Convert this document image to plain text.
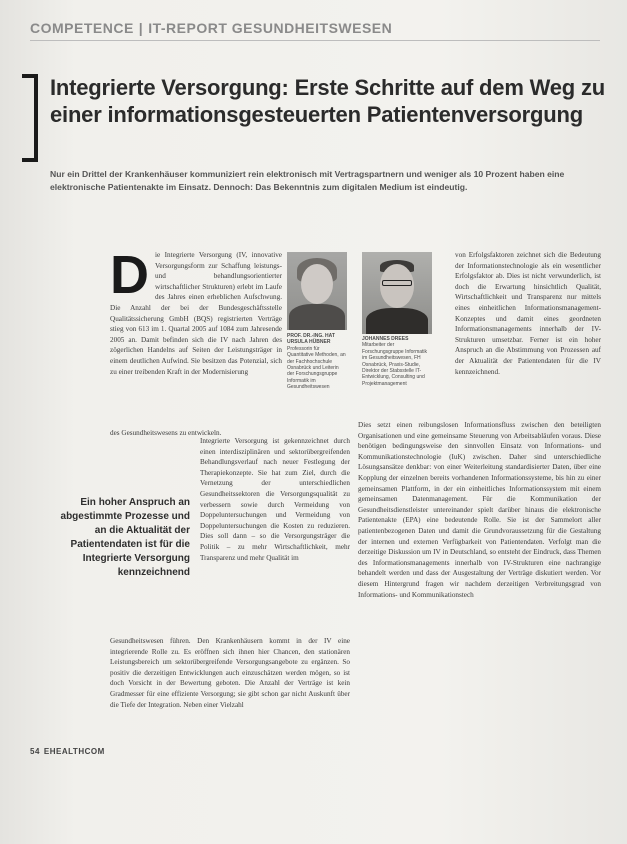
COMPETENCE | IT-REPORT GESUNDHEITSWESEN
Integrierte Versorgung: Erste Schritte auf dem Weg zu einer informationsgesteuerten Patientenversorgung

Nur ein Drittel der Krankenhäuser kommuniziert rein elektronisch mit Vertragspartnern und weniger als 10 Prozent haben eine elektronische Patientenakte im Einsatz. Dennoch: Das Bekenntnis zum digitalen Medium ist eindeutig.

D ie Integrierte Versorgung (IV, innovative Versorgungsform zur Schaffung leistungs- und behandlungsorientierter wirtschaftlicher Strukturen) erlebt im Laufe des Jahres einen erheblichen Aufschwung. Die Anzahl der bei der Bundesgeschäftsstelle Qualitätssicherung GmbH (BQS) registrierten Verträge stieg von 613 im 1. Quartal 2005 auf 1084 zum Jahresende 2005 an. Damit befinden sich die IV nach Jahren des zögerlichen Handelns auf Seiten der Leistungsträger in einem deutlichen Aufwind. Sie besitzen das Potenzial, sich zu einer treibenden Kraft in der Modernisierung
des Gesundheitswesens zu entwickeln.
PROF. DR.-ING. HAT URSULA HÜBNER
Professorin für Quantitative Methoden, an der Fachhochschule Osnabrück und Leiterin der Forschungsgruppe Informatik im Gesundheitswesen
JOHANNES DREES
Mitarbeiter der Forschungsgruppe Informatik im Gesundheitswesen, FH Osnabrück, Praxis-Studie, Direktor der Stabsstelle IT-Entwicklung, Consulting und Projektmanagement
von Erfolgsfaktoren zeichnet sich die Bedeutung der Informationstechnologie als ein wesentlicher Erfolgsfaktor ab. Dies ist nicht verwunderlich, ist doch die Erwartung hinsichtlich Qualität, Wirtschaftlichkeit und Transparenz nur mittels eines einheitlichen Informationsmanagement-Konzeptes und damit eines geordneten Informationsmanagements innerhalb der IV-Strukturen umsetzbar. Ferner ist ein hoher Anspruch an die Abstimmung von Prozessen auf der Aktualität der Patientendaten für die IV kennzeichnend.
Dies setzt einen reibungslosen Informationsfluss zwischen den beteiligten Organisationen und eine gemeinsame Steuerung von Arbeitsabläufen voraus. Diese benötigen bedingungsweise den sinnvollen Einsatz von Informations- und Kommunikationstechnologie (IuK) zwischen. Daher sind unterschiedliche Lösungsansätze denkbar: von einer Weiterleitung standardisierter Daten, über eine Kopplung der einzelnen bereits vorhandenen Informationssysteme, bis hin zu einer gemeinsamen Plattform, in der ein einheitliches Informationssystem mit einem gemeinsamen Datenmanagement. Für die Kommunikation der Gesundheitsdienstleister untereinander spielt darüber hinaus die elektronische Patientenakte (EPA) eine bedeutende Rolle. Sie ist der Sammelort aller patientenbezogenen Daten und damit die Grundvoraussetzung für die Gestaltung der internen und externen Verfügbarkeit von Patientendaten. Verfolgt man die derzeitige Diskussion um IV in Deutschland, so entsteht der Eindruck, dass Themen des Informationsmanagements innerhalb von IV-Strukturen eine nachrangige behandelt werden und dass der Ausgestaltung der Verträge diskutiert werden. Vor diesem Hintergrund fragen wir nachdem derzeitigen Verbreitungsgrad von Informations- und Kommunikationstech
Ein hoher Anspruch an abgestimmte Prozesse und an die Aktualität der Patientendaten ist für die Integrierte Versorgung kennzeichnend
Integrierte Versorgung ist gekennzeichnet durch einen interdisziplinären und sektorübergreifenden Behandlungsverlauf nach neuer Festlegung der Therapiekonzepte. Sie hat zum Ziel, durch die Vernetzung der unterschiedlichen Gesundheitssektoren die Versorgungsqualität zu verbessern sowie durch Vermeidung von Doppeluntersuchungen und Vermeidung von Doppeluntersuchungen die Kosten zu reduzieren. Dies soll dann – so die Versorgungsträger die Politik – zu mehr Wirtschaftlichkeit, mehr Transparenz und mehr Qualität im
Gesundheitswesen führen. Den Krankenhäusern kommt in der IV eine integrierende Rolle zu. Es eröffnen sich ihnen hier Chancen, den stationären Leistungsbereich um sektorübergreifende Versorgungsangebote zu ergänzen. So positiv die derzeitigen Entwicklungen auch einzuschätzen werden mögen, so ist doch Vorsicht in der Bewertung geboten. Die Anzahl der Verträge ist kein Gradmesser für eine effiziente Versorgung; sie gibt schon gar nicht Auskunft über die Tiefe der Integration. Neben einer Vielzahl
54 EHEALTHCOM
